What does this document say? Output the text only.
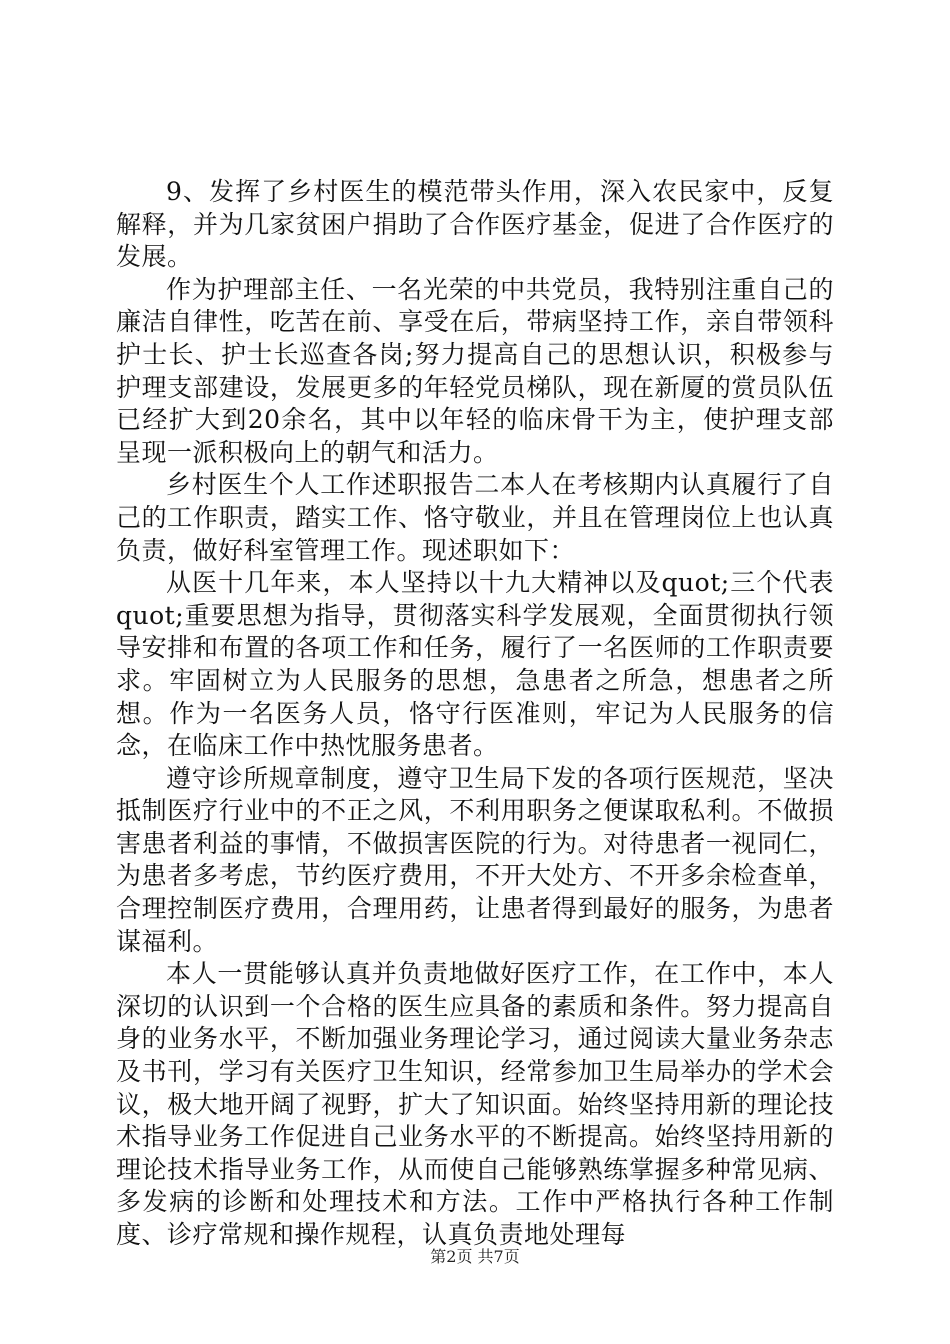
9、发挥了乡村医生的模范带头作用，深入农民家中，反复解释，并为几家贫困户捐助了合作医疗基金，促进了合作医疗的发展。

作为护理部主任、一名光荣的中共党员，我特别注重自己的廉洁自律性，吃苦在前、享受在后，带病坚持工作，亲自带领科护士长、护士长巡查各岗;努力提高自己的思想认识，积极参与护理支部建设，发展更多的年轻党员梯队，现在新厦的赏员队伍已经扩大到20余名，其中以年轻的临床骨干为主，使护理支部呈现一派积极向上的朝气和活力。

乡村医生个人工作述职报告二本人在考核期内认真履行了自己的工作职责，踏实工作、恪守敬业，并且在管理岗位上也认真负责，做好科室管理工作。现述职如下：

从医十几年来，本人坚持以十九大精神以及quot;三个代表quot;重要思想为指导，贯彻落实科学发展观，全面贯彻执行领导安排和布置的各项工作和任务，履行了一名医师的工作职责要求。牢固树立为人民服务的思想，急患者之所急，想患者之所想。作为一名医务人员，恪守行医准则，牢记为人民服务的信念，在临床工作中热忱服务患者。

遵守诊所规章制度，遵守卫生局下发的各项行医规范，坚决抵制医疗行业中的不正之风，不利用职务之便谋取私利。不做损害患者利益的事情，不做损害医院的行为。对待患者一视同仁，为患者多考虑，节约医疗费用，不开大处方、不开多余检查单，合理控制医疗费用，合理用药，让患者得到最好的服务，为患者谋福利。

本人一贯能够认真并负责地做好医疗工作，在工作中，本人深切的认识到一个合格的医生应具备的素质和条件。努力提高自身的业务水平，不断加强业务理论学习，通过阅读大量业务杂志及书刊，学习有关医疗卫生知识，经常参加卫生局举办的学术会议，极大地开阔了视野，扩大了知识面。始终坚持用新的理论技术指导业务工作促进自己业务水平的不断提高。始终坚持用新的理论技术指导业务工作，从而使自己能够熟练掌握多种常见病、多发病的诊断和处理技术和方法。工作中严格执行各种工作制度、诊疗常规和操作规程，认真负责地处理每

第2页 共7页
